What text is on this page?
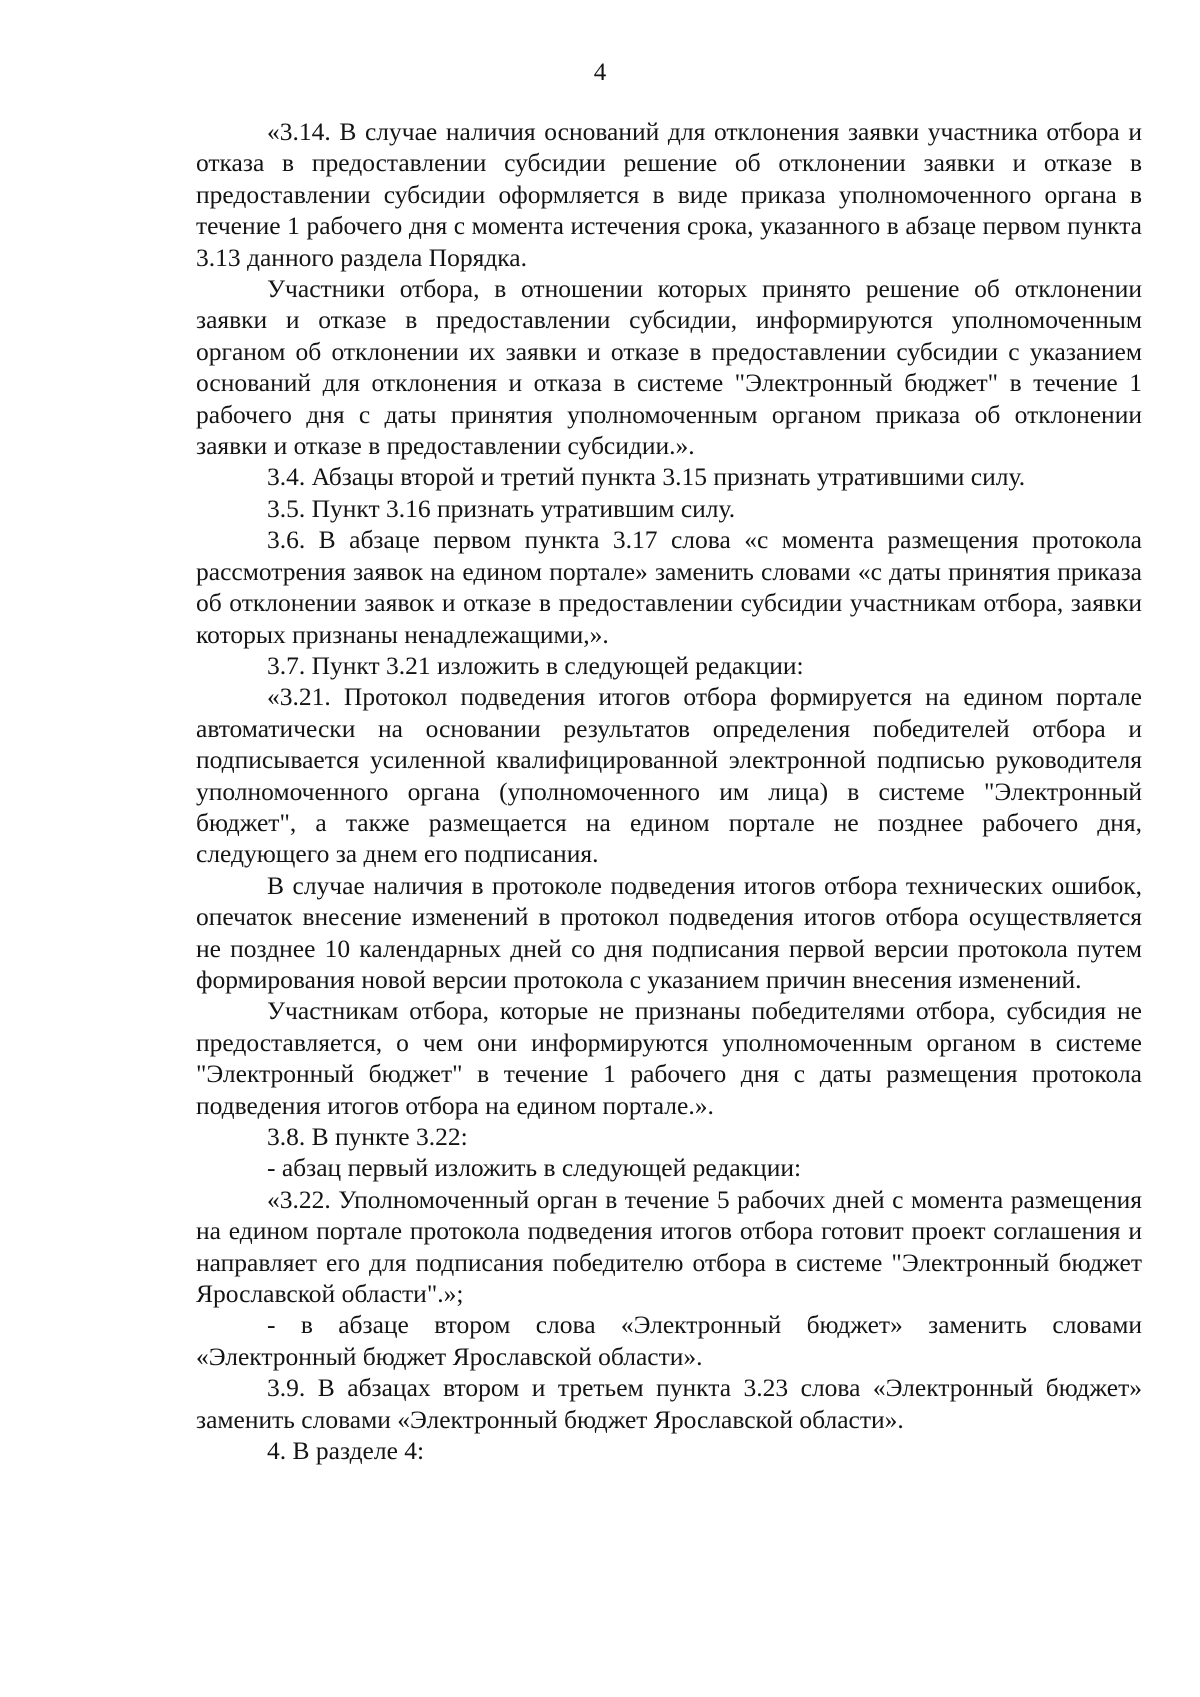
4

«3.14. В случае наличия оснований для отклонения заявки участника отбора и отказа в предоставлении субсидии решение об отклонении заявки и отказе в предоставлении субсидии оформляется в виде приказа уполномоченного органа в течение 1 рабочего дня с момента истечения срока, указанного в абзаце первом пункта 3.13 данного раздела Порядка.

Участники отбора, в отношении которых принято решение об отклонении заявки и отказе в предоставлении субсидии, информируются уполномоченным органом об отклонении их заявки и отказе в предоставлении субсидии с указанием оснований для отклонения и отказа в системе "Электронный бюджет" в течение 1 рабочего дня с даты принятия уполномоченным органом приказа об отклонении заявки и отказе в предоставлении субсидии.».

3.4. Абзацы второй и третий пункта 3.15 признать утратившими силу.

3.5. Пункт 3.16 признать утратившим силу.

3.6. В абзаце первом пункта 3.17 слова «с момента размещения протокола рассмотрения заявок на едином портале» заменить словами «с даты принятия приказа об отклонении заявок и отказе в предоставлении субсидии участникам отбора, заявки которых признаны ненадлежащими,».

3.7. Пункт 3.21 изложить в следующей редакции:

«3.21. Протокол подведения итогов отбора формируется на едином портале автоматически на основании результатов определения победителей отбора и подписывается усиленной квалифицированной электронной подписью руководителя уполномоченного органа (уполномоченного им лица) в системе "Электронный бюджет", а также размещается на едином портале не позднее рабочего дня, следующего за днем его подписания.

В случае наличия в протоколе подведения итогов отбора технических ошибок, опечаток внесение изменений в протокол подведения итогов отбора осуществляется не позднее 10 календарных дней со дня подписания первой версии протокола путем формирования новой версии протокола с указанием причин внесения изменений.

Участникам отбора, которые не признаны победителями отбора, субсидия не предоставляется, о чем они информируются уполномоченным органом в системе "Электронный бюджет" в течение 1 рабочего дня с даты размещения протокола подведения итогов отбора на едином портале.».

3.8. В пункте 3.22:

- абзац первый изложить в следующей редакции:

«3.22. Уполномоченный орган в течение 5 рабочих дней с момента размещения на едином портале протокола подведения итогов отбора готовит проект соглашения и направляет его для подписания победителю отбора в системе "Электронный бюджет Ярославской области".»;

- в абзаце втором слова «Электронный бюджет» заменить словами «Электронный бюджет Ярославской области».

3.9. В абзацах втором и третьем пункта 3.23 слова «Электронный бюджет» заменить словами «Электронный бюджет Ярославской области».

4. В разделе 4:
